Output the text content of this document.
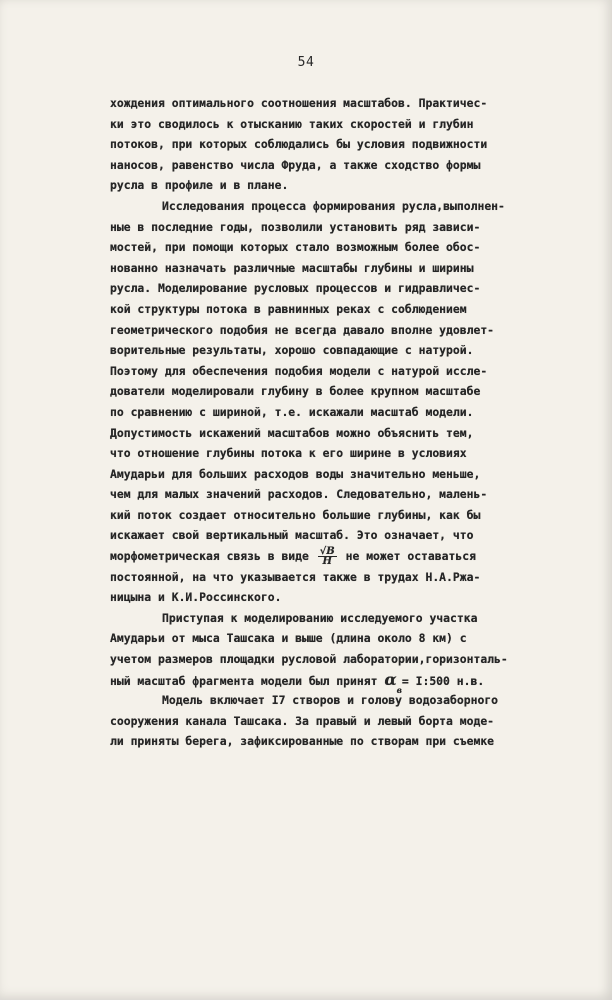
54
хождения оптимального соотношения масштабов. Практичес-
ки это сводилось к отысканию таких скоростей и глубин
потоков, при которых соблюдались бы условия подвижности
наносов, равенство числа Фруда, а также сходство формы
русла в профиле и в плане.
Исследования процесса формирования русла,выполнен-
ные в последние годы, позволили установить ряд зависи-
мостей, при помощи которых стало возможным более обос-
нованно назначать различные масштабы глубины и ширины
русла. Моделирование русловых процессов и гидравличес-
кой структуры потока в равнинных реках с соблюдением
геометрического подобия не всегда давало вполне удовлет-
ворительные результаты, хорошо совпадающие с натурой.
Поэтому для обеспечения подобия модели с натурой иссле-
дователи моделировали глубину в более крупном масштабе
по сравнению с шириной, т.е. искажали масштаб модели.
Допустимость искажений масштабов можно объяснить тем,
что отношение глубины потока к его ширине в условиях
Амударьи для больших расходов воды значительно меньше,
чем для малых значений расходов. Следовательно, малень-
кий поток создает относительно большие глубины, как бы
искажает свой вертикальный масштаб. Это означает, что
морфометрическая связь в виде $\frac{√B}{H}$ не может оставаться
постоянной, на что указывается также в трудах Н.А.Ржа-
ницына и К.И.Россинского.
Приступая к моделированию исследуемого участка
Амударьи от мыса Ташсака и выше (длина около 8 км) с
учетом размеров площадки русловой лаборатории,горизонталь-
ный масштаб фрагмента модели был принят $\alpha_в=$ I:500 н.в.
Модель включает I7 створов и голову водозаборного
сооружения канала Ташсака. За правый и левый борта моде-
ли приняты берега, зафиксированные по створам при съемке
